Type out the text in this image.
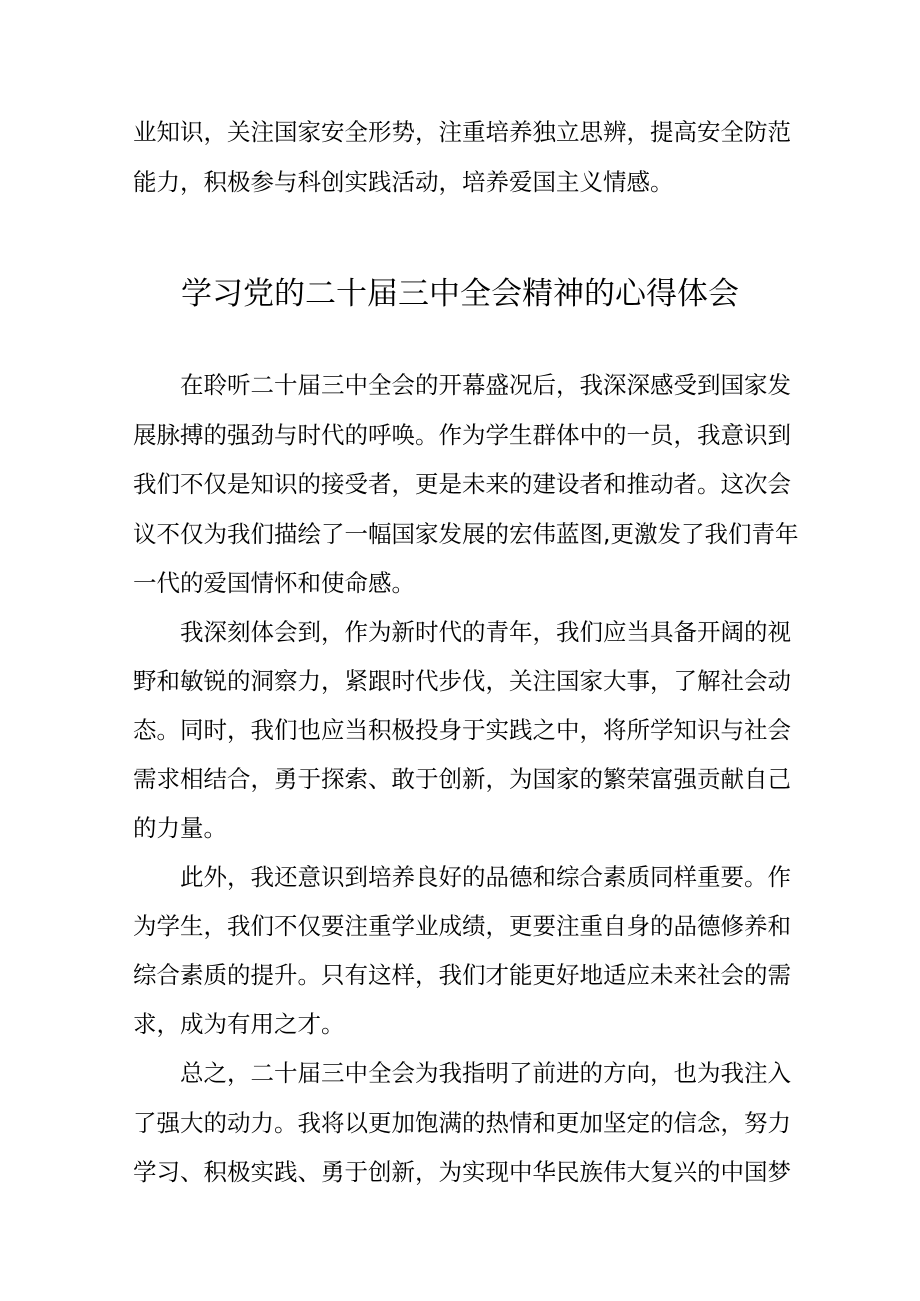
业知识，关注国家安全形势，注重培养独立思辨，提高安全防范
能力，积极参与科创实践活动，培养爱国主义情感。
学习党的二十届三中全会精神的心得体会
　　在聆听二十届三中全会的开幕盛况后，我深深感受到国家发
展脉搏的强劲与时代的呼唤。作为学生群体中的一员，我意识到
我们不仅是知识的接受者，更是未来的建设者和推动者。这次会
议不仅为我们描绘了一幅国家发展的宏伟蓝图,更激发了我们青年
一代的爱国情怀和使命感。
　　我深刻体会到，作为新时代的青年，我们应当具备开阔的视
野和敏锐的洞察力，紧跟时代步伐，关注国家大事，了解社会动
态。同时，我们也应当积极投身于实践之中，将所学知识与社会
需求相结合，勇于探索、敢于创新，为国家的繁荣富强贡献自己
的力量。
　　此外，我还意识到培养良好的品德和综合素质同样重要。作
为学生，我们不仅要注重学业成绩，更要注重自身的品德修养和
综合素质的提升。只有这样，我们才能更好地适应未来社会的需
求，成为有用之才。
　　总之，二十届三中全会为我指明了前进的方向，也为我注入
了强大的动力。我将以更加饱满的热情和更加坚定的信念，努力
学习、积极实践、勇于创新，为实现中华民族伟大复兴的中国梦
